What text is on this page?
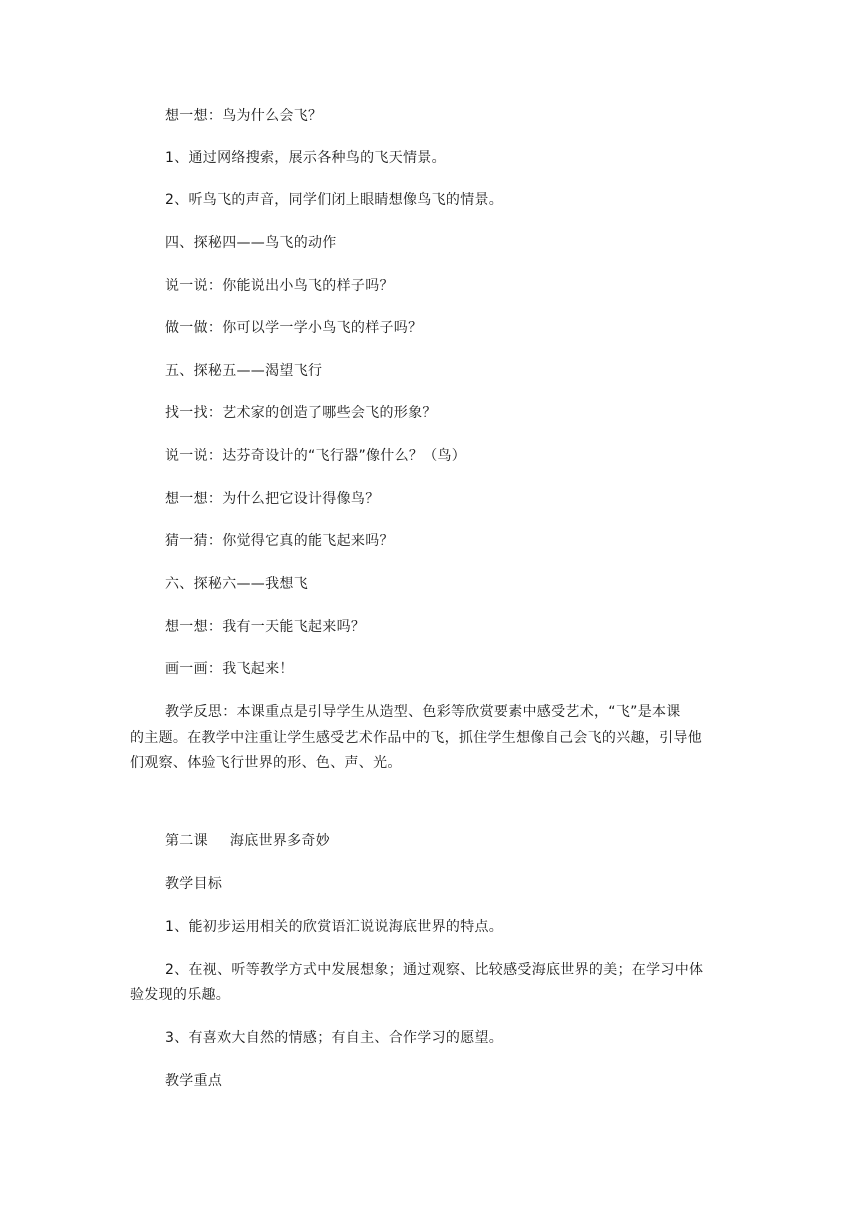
想一想：鸟为什么会飞？
1、通过网络搜索，展示各种鸟的飞天情景。
2、听鸟飞的声音，同学们闭上眼睛想像鸟飞的情景。
四、探秘四——鸟飞的动作
说一说：你能说出小鸟飞的样子吗？
做一做：你可以学一学小鸟飞的样子吗？
五、探秘五——渴望飞行
找一找：艺术家的创造了哪些会飞的形象？
说一说：达芬奇设计的“飞行器”像什么？（鸟）
想一想：为什么把它设计得像鸟？
猜一猜：你觉得它真的能飞起来吗？
六、探秘六——我想飞
想一想：我有一天能飞起来吗？
画一画：我飞起来！
教学反思：本课重点是引导学生从造型、色彩等欣赏要素中感受艺术，“飞”是本课
的主题。在教学中注重让学生感受艺术作品中的飞，抓住学生想像自己会飞的兴趣，引导他
们观察、体验飞行世界的形、色、声、光。
第二课 海底世界多奇妙
教学目标
1、能初步运用相关的欣赏语汇说说海底世界的特点。
2、在视、听等教学方式中发展想象；通过观察、比较感受海底世界的美；在学习中体
验发现的乐趣。
3、有喜欢大自然的情感；有自主、合作学习的愿望。
教学重点
